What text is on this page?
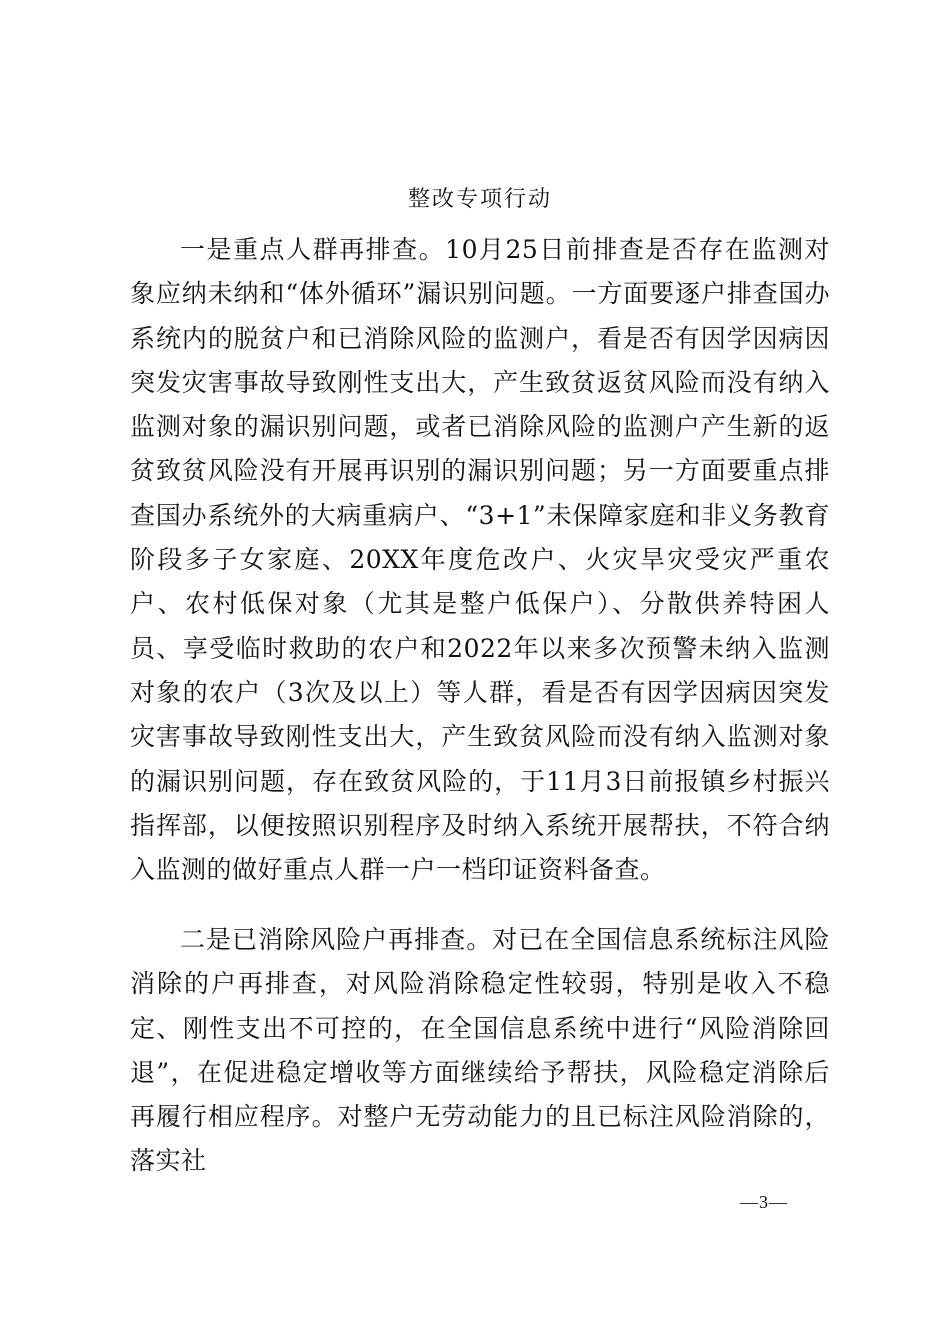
整改专项行动

一是重点人群再排查。10月25日前排查是否存在监测对象应纳未纳和“体外循环”漏识别问题。一方面要逐户排查国办系统内的脱贫户和已消除风险的监测户，看是否有因学因病因突发灾害事故导致刚性支出大，产生致贫返贫风险而没有纳入监测对象的漏识别问题，或者已消除风险的监测户产生新的返贫致贫风险没有开展再识别的漏识别问题；另一方面要重点排查国办系统外的大病重病户、“3+1”未保障家庭和非义务教育阶段多子女家庭、20XX年度危改户、火灾旱灾受灾严重农户、农村低保对象（尤其是整户低保户）、分散供养特困人员、享受临时救助的农户和2022年以来多次预警未纳入监测对象的农户（3次及以上）等人群，看是否有因学因病因突发灾害事故导致刚性支出大，产生致贫风险而没有纳入监测对象的漏识别问题，存在致贫风险的，于11月3日前报镇乡村振兴指挥部，以便按照识别程序及时纳入系统开展帮扶，不符合纳入监测的做好重点人群一户一档印证资料备查。

二是已消除风险户再排查。对已在全国信息系统标注风险消除的户再排查，对风险消除稳定性较弱，特别是收入不稳定、刚性支出不可控的，在全国信息系统中进行“风险消除回退”，在促进稳定增收等方面继续给予帮扶，风险稳定消除后再履行相应程序。对整户无劳动能力的且已标注风险消除的，落实社

—3—
